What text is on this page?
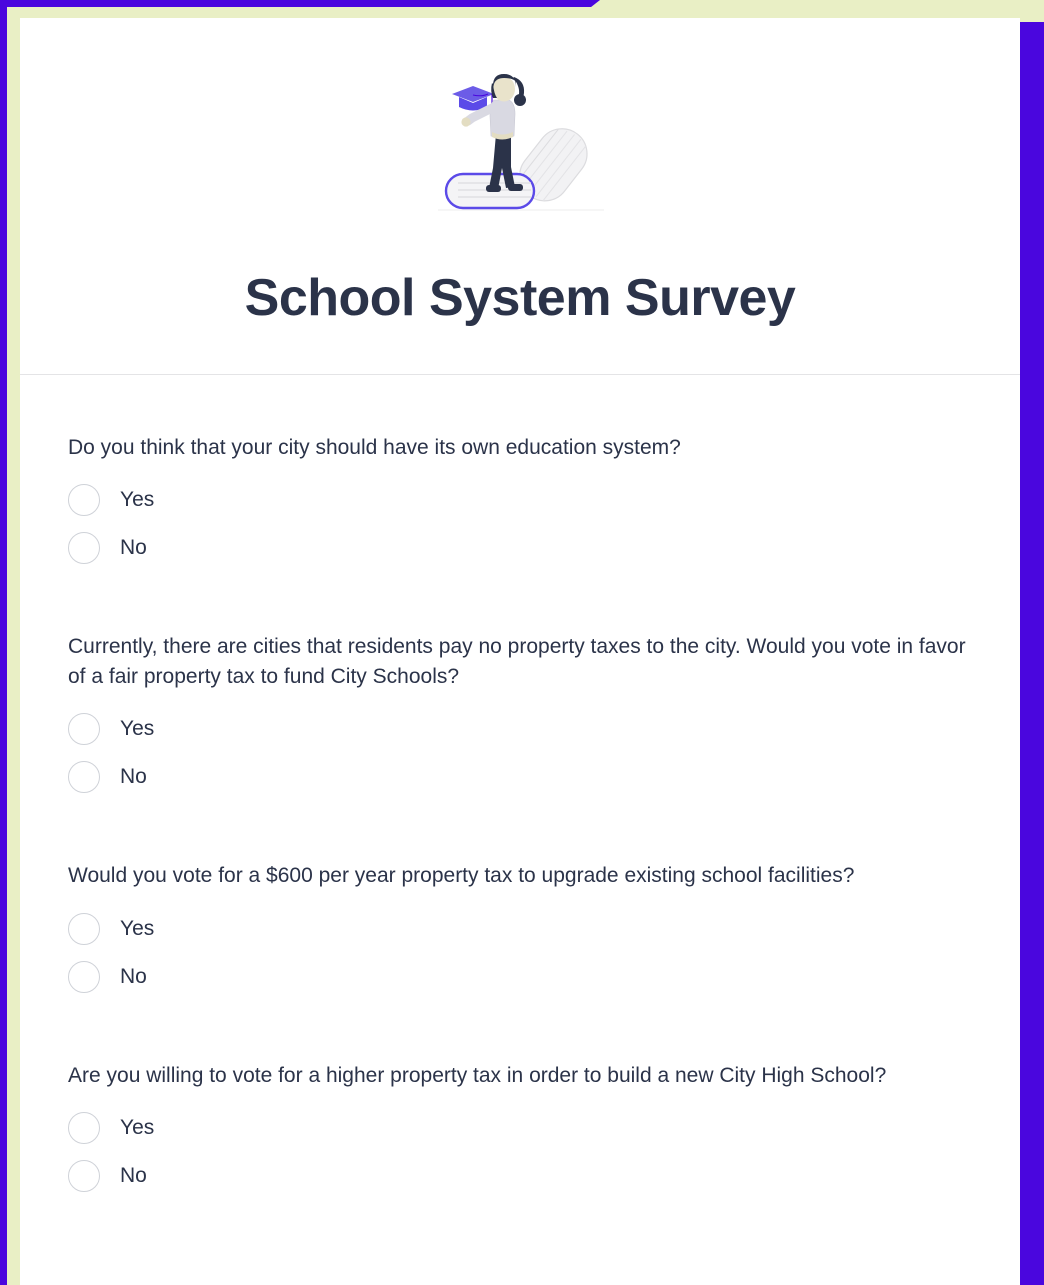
School System Survey

Do you think that your city should have its own education system?

Yes
No

Currently, there are cities that residents pay no property taxes to the city. Would you vote in favor of a fair property tax to fund City Schools?

Yes
No

Would you vote for a $600 per year property tax to upgrade existing school facilities?

Yes
No

Are you willing to vote for a higher property tax in order to build a new City High School?

Yes
No
